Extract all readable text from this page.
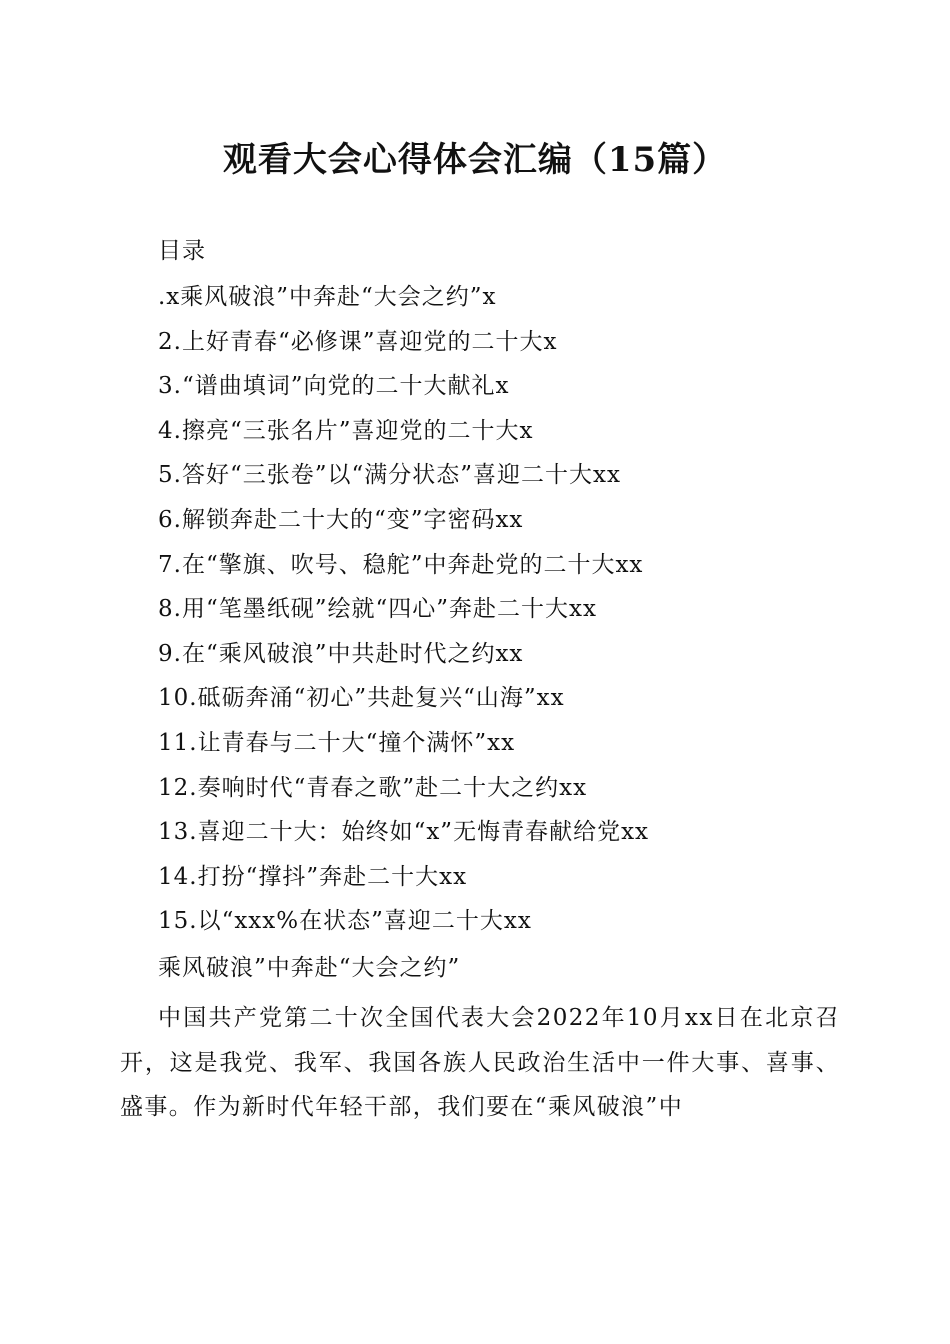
观看大会心得体会汇编（15篇）
目录
.x乘风破浪”中奔赴“大会之约”x
2.上好青春“必修课”喜迎党的二十大x
3.“谱曲填词”向党的二十大献礼x
4.擦亮“三张名片”喜迎党的二十大x
5.答好“三张卷”以“满分状态”喜迎二十大xx
6.解锁奔赴二十大的“变”字密码xx
7.在“擎旗、吹号、稳舵”中奔赴党的二十大xx
8.用“笔墨纸砚”绘就“四心”奔赴二十大xx
9.在“乘风破浪”中共赴时代之约xx
10.砥砺奔涌“初心”共赴复兴“山海”xx
11.让青春与二十大“撞个满怀”xx
12.奏响时代“青春之歌”赴二十大之约xx
13.喜迎二十大：始终如“x”无悔青春献给党xx
14.打扮“撑抖”奔赴二十大xx
15.以“xxx%在状态”喜迎二十大xx
乘风破浪”中奔赴“大会之约”

中国共产党第二十次全国代表大会2022年10月xx日在北京召开，这是我党、我军、我国各族人民政治生活中一件大事、喜事、盛事。作为新时代年轻干部，我们要在“乘风破浪”中
